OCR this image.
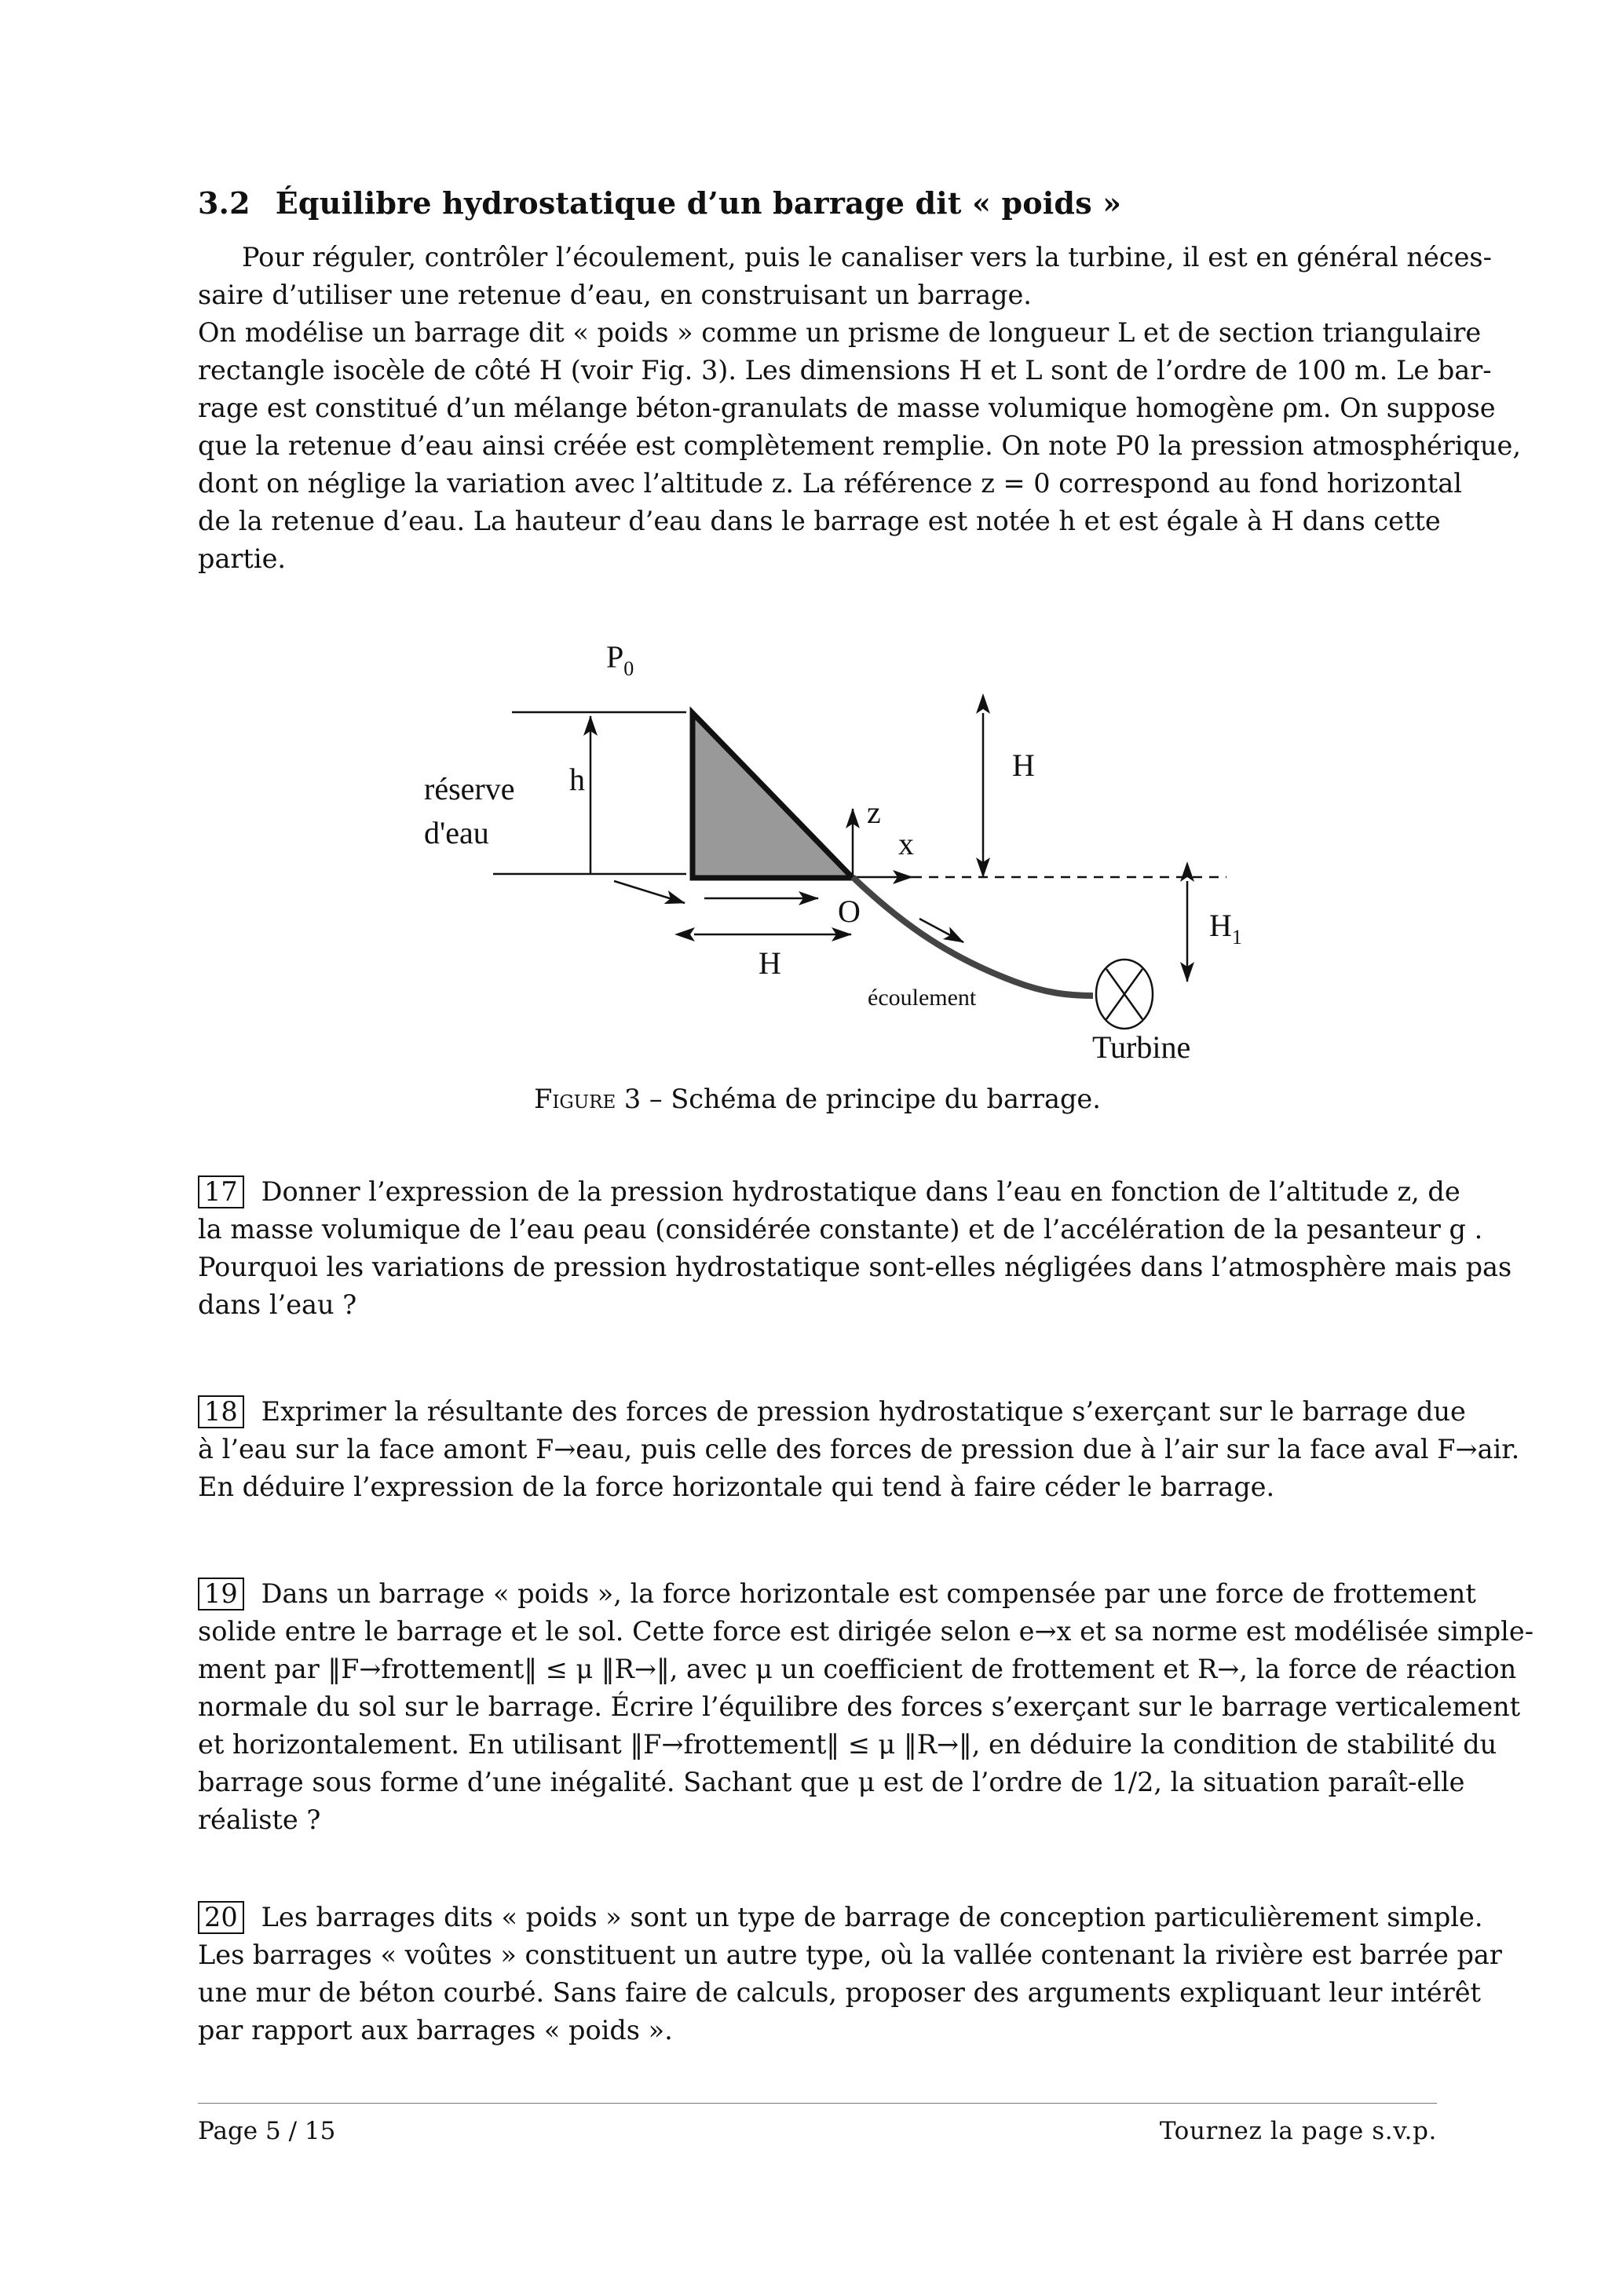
3.2 Équilibre hydrostatique d’un barrage dit « poids »
Pour réguler, contrôler l’écoulement, puis le canaliser vers la turbine, il est en général néces-
saire d’utiliser une retenue d’eau, en construisant un barrage.
On modélise un barrage dit « poids » comme un prisme de longueur L et de section triangulaire
rectangle isocèle de côté H (voir Fig. 3). Les dimensions H et L sont de l’ordre de 100 m. Le bar-
rage est constitué d’un mélange béton-granulats de masse volumique homogène ρm. On suppose
que la retenue d’eau ainsi créée est complètement remplie. On note P0 la pression atmosphérique,
dont on néglige la variation avec l’altitude z. La référence z = 0 correspond au fond horizontal
de la retenue d’eau. La hauteur d’eau dans le barrage est notée h et est égale à H dans cette
partie.
$P_0$
h
réserve
d'eau
H
O
z
x
H
$H_1$
écoulement
Turbine
Figure 3 – Schéma de principe du barrage.
17 Donner l’expression de la pression hydrostatique dans l’eau en fonction de l’altitude z, de
la masse volumique de l’eau ρeau (considérée constante) et de l’accélération de la pesanteur g .
Pourquoi les variations de pression hydrostatique sont-elles négligées dans l’atmosphère mais pas
dans l’eau ?
18 Exprimer la résultante des forces de pression hydrostatique s’exerçant sur le barrage due
à l’eau sur la face amont F→eau, puis celle des forces de pression due à l’air sur la face aval F→air.
En déduire l’expression de la force horizontale qui tend à faire céder le barrage.
19 Dans un barrage « poids », la force horizontale est compensée par une force de frottement
solide entre le barrage et le sol. Cette force est dirigée selon e→x et sa norme est modélisée simple-
ment par ‖F→frottement‖ ≤ μ ‖R→‖, avec μ un coefficient de frottement et R→, la force de réaction
normale du sol sur le barrage. Écrire l’équilibre des forces s’exerçant sur le barrage verticalement
et horizontalement. En utilisant ‖F→frottement‖ ≤ μ ‖R→‖, en déduire la condition de stabilité du
barrage sous forme d’une inégalité. Sachant que μ est de l’ordre de 1/2, la situation paraît-elle
réaliste ?
20 Les barrages dits « poids » sont un type de barrage de conception particulièrement simple.
Les barrages « voûtes » constituent un autre type, où la vallée contenant la rivière est barrée par
une mur de béton courbé. Sans faire de calculs, proposer des arguments expliquant leur intérêt
par rapport aux barrages « poids ».
Page 5 / 15	Tournez la page s.v.p.
